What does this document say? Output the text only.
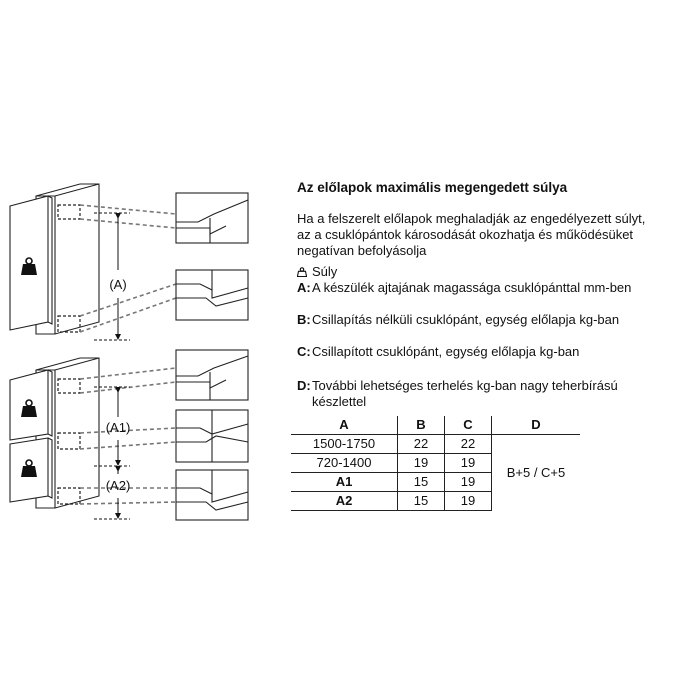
(A)
(A1)
(A2)
Az előlapok maximális megengedett súlya
Ha a felszerelt előlapok meghaladják az engedélyezett súlyt, az a csuklópántok károsodását okozhatja és működésüket negatívan befolyásolja
Súly
A:A készülék ajtajának magassága csuklópánttal mm-ben
B:Csillapítás nélküli csuklópánt, egység előlapja kg-ban
C:Csillapított csuklópánt, egység előlapja kg-ban
D:További lehetséges terhelés kg-ban nagy teherbírású készlettel
A	B	C	D
1500-1750	22	22	B+5 / C+5
720-1400	19	19	
A1	15	19	
A2	15	19	
